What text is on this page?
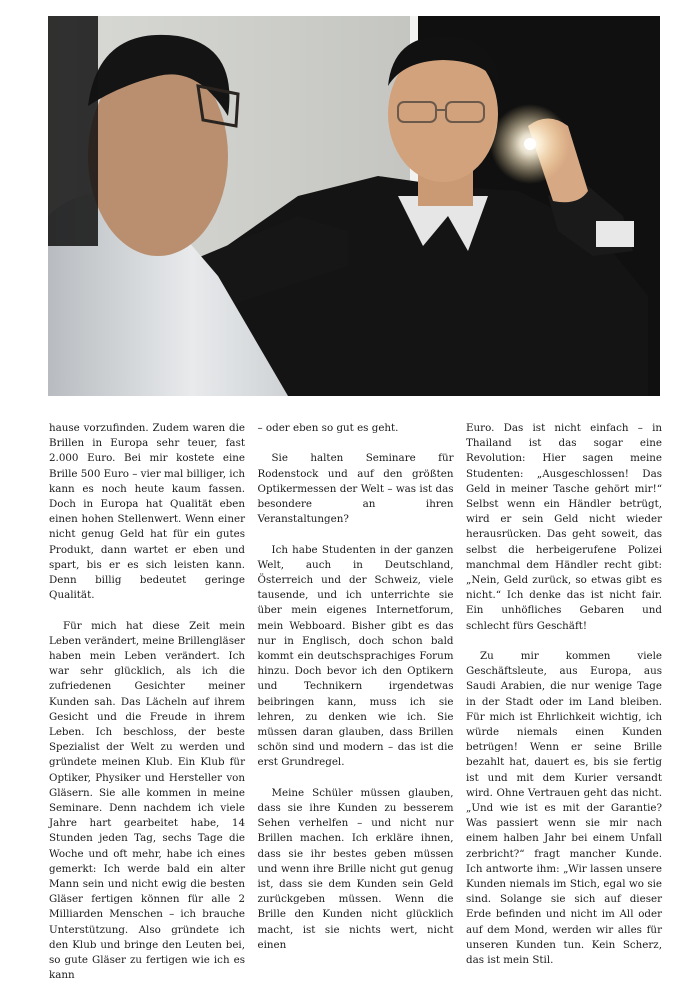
hause vorzufinden. Zudem waren die Brillen in Europa sehr teuer, fast 2.000 Euro. Bei mir kostete eine Brille 500 Euro – vier mal billiger, ich kann es noch heute kaum fassen. Doch in Europa hat Qualität eben einen hohen Stellenwert. Wenn einer nicht genug Geld hat für ein gutes Produkt, dann wartet er eben und spart, bis er es sich leisten kann. Denn billig bedeutet geringe Qualität.

Für mich hat diese Zeit mein Leben verändert, meine Brillengläser haben mein Leben verändert. Ich war sehr glücklich, als ich die zufriedenen Gesichter meiner Kunden sah. Das Lächeln auf ihrem Gesicht und die Freude in ihrem Leben. Ich beschloss, der beste Spezialist der Welt zu werden und gründete meinen Klub. Ein Klub für Optiker, Physiker und Hersteller von Gläsern. Sie alle kommen in meine Seminare. Denn nachdem ich viele Jahre hart gearbeitet habe, 14 Stunden jeden Tag, sechs Tage die Woche und oft mehr, habe ich eines gemerkt: Ich werde bald ein alter Mann sein und nicht ewig die besten Gläser fertigen können für alle 2 Milliarden Menschen – ich brauche Unterstützung. Also gründete ich den Klub und bringe den Leuten bei, so gute Gläser zu fertigen wie ich es kann

– oder eben so gut es geht.

Sie halten Seminare für Rodenstock und auf den größten Optikermessen der Welt – was ist das besondere an ihren Veranstaltungen?

Ich habe Studenten in der ganzen Welt, auch in Deutschland, Österreich und der Schweiz, viele tausende, und ich unterrichte sie über mein eigenes Internetforum, mein Webboard. Bisher gibt es das nur in Englisch, doch schon bald kommt ein deutschsprachiges Forum hinzu. Doch bevor ich den Optikern und Technikern irgendetwas beibringen kann, muss ich sie lehren, zu denken wie ich. Sie müssen daran glauben, dass Brillen schön sind und modern – das ist die erst Grundregel.

Meine Schüler müssen glauben, dass sie ihre Kunden zu besserem Sehen verhelfen – und nicht nur Brillen machen. Ich erkläre ihnen, dass sie ihr bestes geben müssen und wenn ihre Brille nicht gut genug ist, dass sie dem Kunden sein Geld zurückgeben müssen. Wenn die Brille den Kunden nicht glücklich macht, ist sie nichts wert, nicht einen

Euro. Das ist nicht einfach – in Thailand ist das sogar eine Revolution: Hier sagen meine Studenten: „Ausgeschlossen! Das Geld in meiner Tasche gehört mir!“ Selbst wenn ein Händler betrügt, wird er sein Geld nicht wieder herausrücken. Das geht soweit, das selbst die herbeigerufene Polizei manchmal dem Händler recht gibt: „Nein, Geld zurück, so etwas gibt es nicht.“ Ich denke das ist nicht fair. Ein unhöfliches Gebaren und schlecht fürs Geschäft!

Zu mir kommen viele Geschäftsleute, aus Europa, aus Saudi Arabien, die nur wenige Tage in der Stadt oder im Land bleiben. Für mich ist Ehrlichkeit wichtig, ich würde niemals einen Kunden betrügen! Wenn er seine Brille bezahlt hat, dauert es, bis sie fertig ist und mit dem Kurier versandt wird. Ohne Vertrauen geht das nicht. „Und wie ist es mit der Garantie? Was passiert wenn sie mir nach einem halben Jahr bei einem Unfall zerbricht?“ fragt mancher Kunde. Ich antworte ihm: „Wir lassen unsere Kunden niemals im Stich, egal wo sie sind. Solange sie sich auf dieser Erde befinden und nicht im All oder auf dem Mond, werden wir alles für unseren Kunden tun. Kein Scherz, das ist mein Stil.
